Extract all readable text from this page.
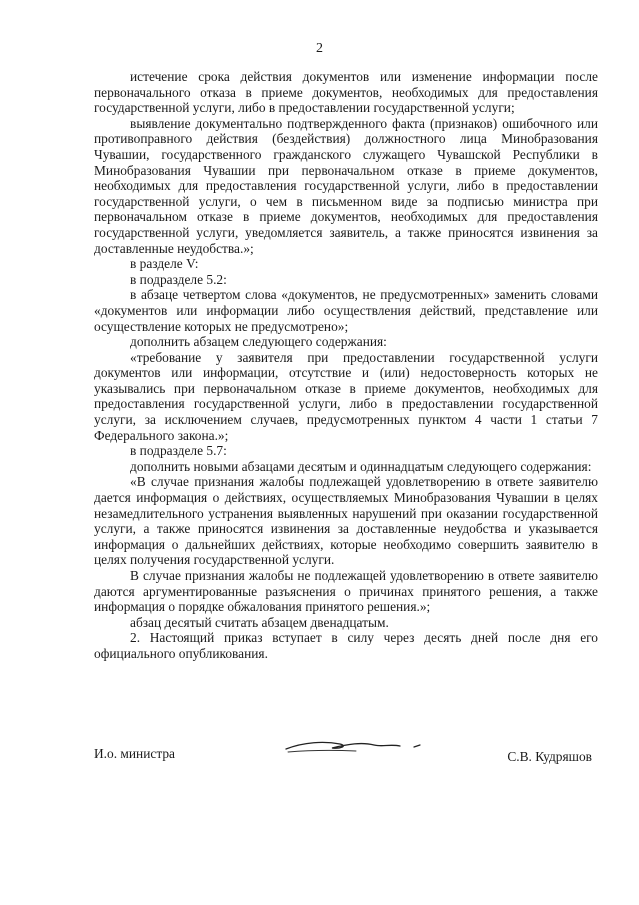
2

истечение срока действия документов или изменение информации после первоначального отказа в приеме документов, необходимых для предоставления государственной услуги, либо в предоставлении государственной услуги;

выявление документально подтвержденного факта (признаков) ошибочного или противоправного действия (бездействия) должностного лица Минобразования Чувашии, государственного гражданского служащего Чувашской Республики в Минобразования Чувашии при первоначальном отказе в приеме документов, необходимых для предоставления государственной услуги, либо в предоставлении государственной услуги, о чем в письменном виде за подписью министра при первоначальном отказе в приеме документов, необходимых для предоставления государственной услуги, уведомляется заявитель, а также приносятся извинения за доставленные неудобства.»;

в разделе V:

в подразделе 5.2:

в абзаце четвертом слова «документов, не предусмотренных» заменить словами «документов или информации либо осуществления действий, представление или осуществление которых не предусмотрено»;

дополнить абзацем следующего содержания:

«требование у заявителя при предоставлении государственной услуги документов или информации, отсутствие и (или) недостоверность которых не указывались при первоначальном отказе в приеме документов, необходимых для предоставления государственной услуги, либо в предоставлении государственной услуги, за исключением случаев, предусмотренных пунктом 4 части 1 статьи 7 Федерального закона.»;

в подразделе 5.7:

дополнить новыми абзацами десятым и одиннадцатым следующего содержания:

«В случае признания жалобы подлежащей удовлетворению в ответе заявителю дается информация о действиях, осуществляемых Минобразования Чувашии в целях незамедлительного устранения выявленных нарушений при оказании государственной услуги, а также приносятся извинения за доставленные неудобства и указывается информация о дальнейших действиях, которые необходимо совершить заявителю в целях получения государственной услуги.

В случае признания жалобы не подлежащей удовлетворению в ответе заявителю даются аргументированные разъяснения о причинах принятого решения, а также информация о порядке обжалования принятого решения.»;

абзац десятый считать абзацем двенадцатым.

2. Настоящий приказ вступает в силу через десять дней после дня его официального опубликования.

И.о. министра	С.В. Кудряшов
